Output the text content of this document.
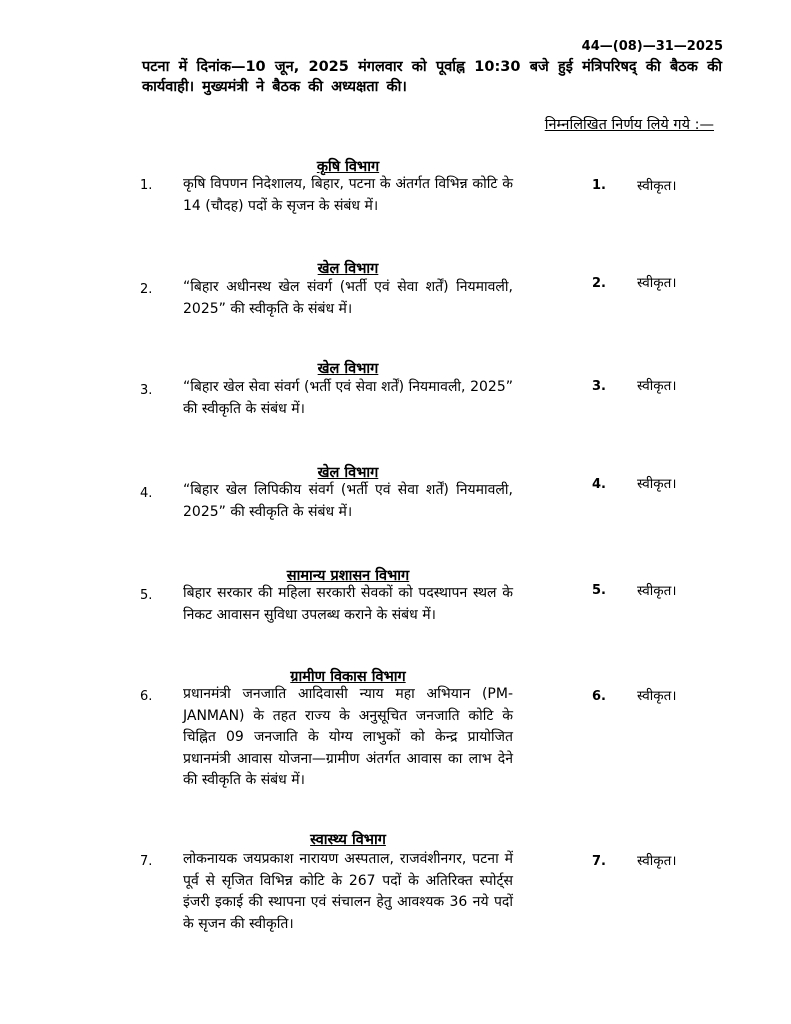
44—(08)—31—2025
पटना में दिनांक—10 जून, 2025 मंगलवार को पूर्वाह्न 10:30 बजे हुई मंत्रिपरिषद् की बैठक की कार्यवाही। मुख्यमंत्री ने बैठक की अध्यक्षता की।
निम्नलिखित निर्णय लिये गये :—
कृषि विभाग
1. कृषि विपणन निदेशालय, बिहार, पटना के अंतर्गत विभिन्न कोटि के 14 (चौदह) पदों के सृजन के संबंध में।
1. स्वीकृत।
खेल विभाग
2. “बिहार अधीनस्थ खेल संवर्ग (भर्ती एवं सेवा शर्तें) नियमावली, 2025” की स्वीकृति के संबंध में।
2. स्वीकृत।
खेल विभाग
3. “बिहार खेल सेवा संवर्ग (भर्ती एवं सेवा शर्तें) नियमावली, 2025” की स्वीकृति के संबंध में।
3. स्वीकृत।
खेल विभाग
4. “बिहार खेल लिपिकीय संवर्ग (भर्ती एवं सेवा शर्तें) नियमावली, 2025” की स्वीकृति के संबंध में।
4. स्वीकृत।
सामान्य प्रशासन विभाग
5. बिहार सरकार की महिला सरकारी सेवकों को पदस्थापन स्थल के निकट आवासन सुविधा उपलब्ध कराने के संबंध में।
5. स्वीकृत।
ग्रामीण विकास विभाग
6. प्रधानमंत्री जनजाति आदिवासी न्याय महा अभियान (PM-JANMAN) के तहत राज्य के अनुसूचित जनजाति कोटि के चिह्नित 09 जनजाति के योग्य लाभुकों को केन्द्र प्रायोजित प्रधानमंत्री आवास योजना—ग्रामीण अंतर्गत आवास का लाभ देने की स्वीकृति के संबंध में।
6. स्वीकृत।
स्वास्थ्य विभाग
7. लोकनायक जयप्रकाश नारायण अस्पताल, राजवंशीनगर, पटना में पूर्व से सृजित विभिन्न कोटि के 267 पदों के अतिरिक्त स्पोर्ट्स इंजरी इकाई की स्थापना एवं संचालन हेतु आवश्यक 36 नये पदों के सृजन की स्वीकृति।
7. स्वीकृत।
